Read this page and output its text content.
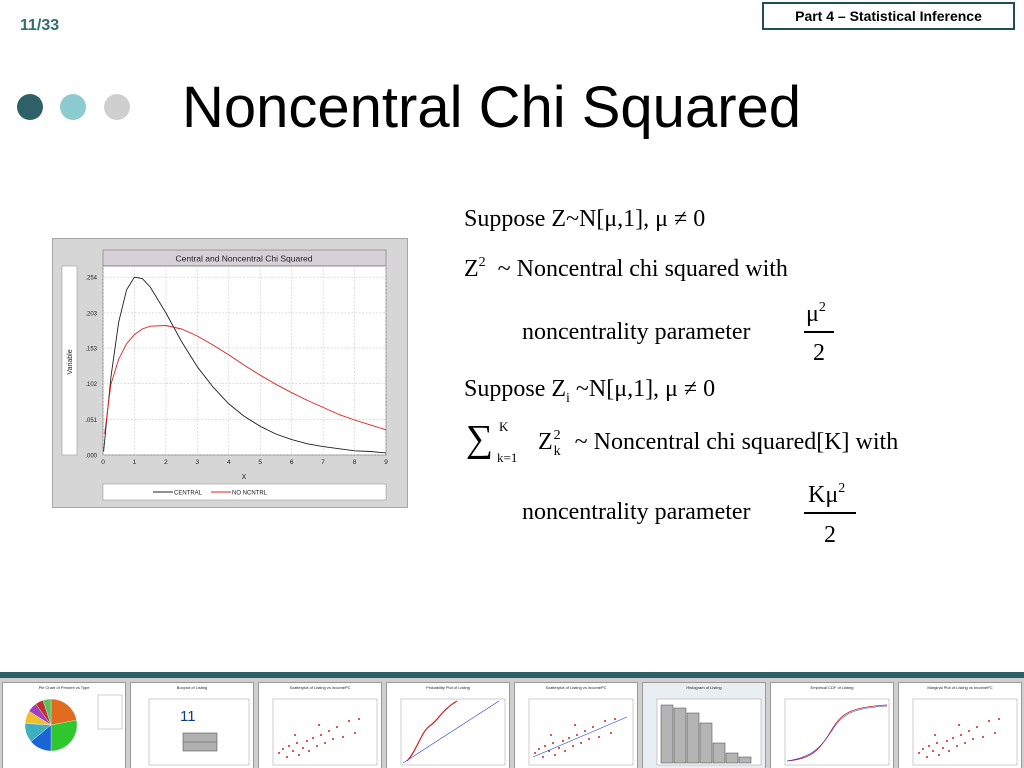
11/33
Part 4 – Statistical Inference
Noncentral Chi Squared
Central and Noncentral Chi Squared
Variable
.000
.051
.102
.153
.203
.254
0	1	2	3	4	5	6	7	8	9
X
CENTRAL	NO NCNTRL
Suppose Z~N[μ,1], μ ≠ 0
$Z^2$ ~ Noncentral chi squared with
noncentrality parameter
$\mu^2$
2
Suppose $Z_i$ ~N[μ,1], μ ≠ 0
∑ K
k=1
Z 2
k ~ Noncentral chi squared[K] with
noncentrality parameter
$K\mu^2$
2
Pie Chart of Percent vs Type	Boxplot of Listing	Scatterplot of Listing vs IncomePC	Probability Plot of Listing	Scatterplot of Listing vs IncomePC	Histogram of Listing	Empirical CDF of Listing	Marginal Plot of Listing vs IncomePC
11
